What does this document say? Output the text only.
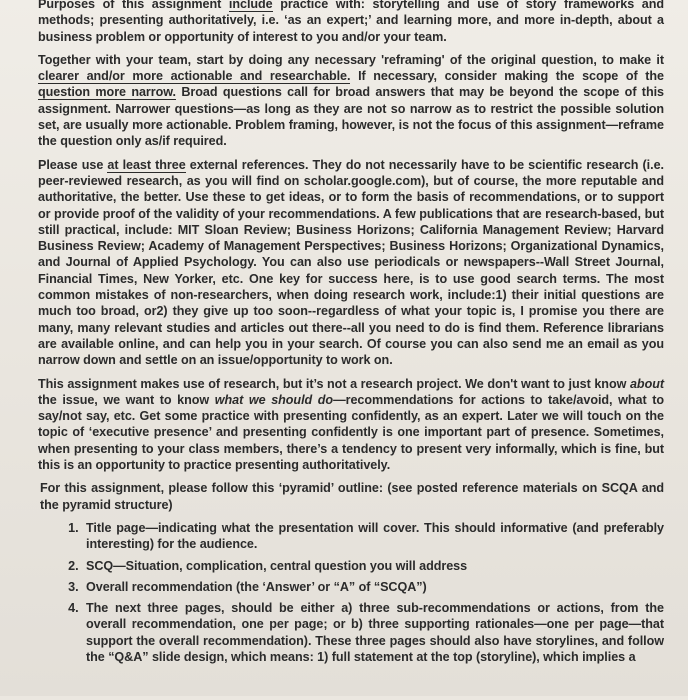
Purposes of this assignment include practice with: storytelling and use of story frameworks and methods; presenting authoritatively, i.e. ‘as an expert;’ and learning more, and more in-depth, about a business problem or opportunity of interest to you and/or your team.

Together with your team, start by doing any necessary 'reframing' of the original question, to make it clearer and/or more actionable and researchable. If necessary, consider making the scope of the question more narrow. Broad questions call for broad answers that may be beyond the scope of this assignment. Narrower questions—as long as they are not so narrow as to restrict the possible solution set, are usually more actionable. Problem framing, however, is not the focus of this assignment—reframe the question only as/if required.

Please use at least three external references. They do not necessarily have to be scientific research (i.e. peer-reviewed research, as you will find on scholar.google.com), but of course, the more reputable and authoritative, the better. Use these to get ideas, or to form the basis of recommendations, or to support or provide proof of the validity of your recommendations. A few publications that are research-based, but still practical, include: MIT Sloan Review; Business Horizons; California Management Review; Harvard Business Review; Academy of Management Perspectives; Business Horizons; Organizational Dynamics, and Journal of Applied Psychology. You can also use periodicals or newspapers--Wall Street Journal, Financial Times, New Yorker, etc. One key for success here, is to use good search terms. The most common mistakes of non-researchers, when doing research work, include:1) their initial questions are much too broad, or2) they give up too soon--regardless of what your topic is, I promise you there are many, many relevant studies and articles out there--all you need to do is find them. Reference librarians are available online, and can help you in your search. Of course you can also send me an email as you narrow down and settle on an issue/opportunity to work on.

This assignment makes use of research, but it’s not a research project. We don't want to just know about the issue, we want to know what we should do—recommendations for actions to take/avoid, what to say/not say, etc. Get some practice with presenting confidently, as an expert. Later we will touch on the topic of ‘executive presence’ and presenting confidently is one important part of presence. Sometimes, when presenting to your class members, there’s a tendency to present very informally, which is fine, but this is an opportunity to practice presenting authoritatively.

For this assignment, please follow this ‘pyramid’ outline: (see posted reference materials on SCQA and the pyramid structure)

1. Title page—indicating what the presentation will cover. This should informative (and preferably interesting) for the audience.
2. SCQ—Situation, complication, central question you will address
3. Overall recommendation (the ‘Answer’ or “A” of “SCQA”)
4. The next three pages, should be either a) three sub-recommendations or actions, from the overall recommendation, one per page; or b) three supporting rationales—one per page—that support the overall recommendation). These three pages should also have storylines, and follow the “Q&A” slide design, which means: 1) full statement at the top (storyline), which implies a
